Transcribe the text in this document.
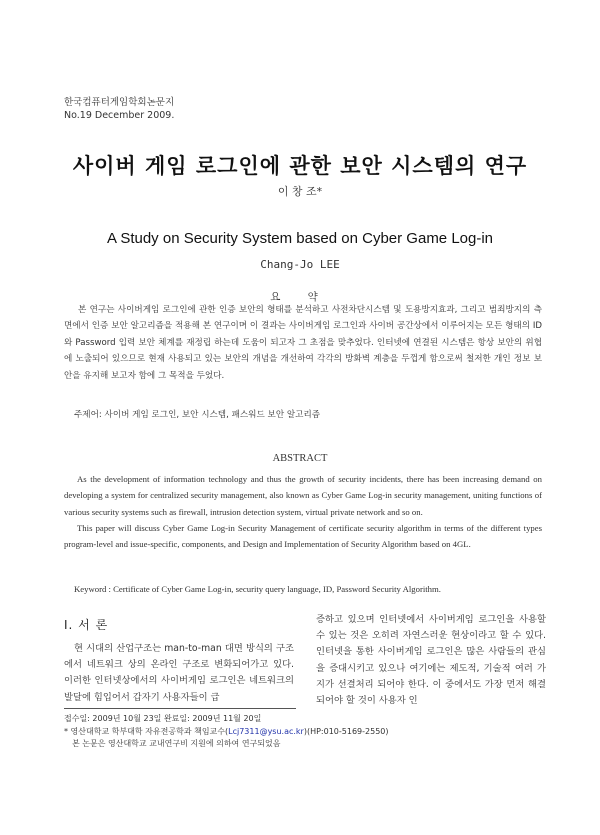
한국컴퓨터게임학회논문지
No.19 December 2009.
사이버 게임 로그인에 관한 보안 시스템의 연구
이 창 조*
A Study on Security System based on Cyber Game Log-in
Chang-Jo LEE
요 약
본 연구는 사이버게임 로그인에 관한 인증 보안의 형태를 분석하고 사전차단시스템 및 도용방지효과, 그리고 범죄방지의 측면에서 인증 보안 알고리즘을 적용해 본 연구이며 이 결과는 사이버게임 로그인과 사이버 공간상에서 이루어지는 모든 형태의 ID와 Password 입력 보안 체계를 재정립 하는데 도움이 되고자 그 초점을 맞추었다. 인터넷에 연결된 시스템은 항상 보안의 위협에 노출되어 있으므로 현재 사용되고 있는 보안의 개념을 개선하여 각각의 방화벽 계층을 두껍게 함으로써 철저한 개인 정보 보안을 유지해 보고자 함에 그 목적을 두었다.
주제어: 사이버 게임 로그인, 보안 시스템, 패스워드 보안 알고리즘
ABSTRACT

As the development of information technology and thus the growth of security incidents, there has been increasing demand on developing a system for centralized security management, also known as Cyber Game Log-in security management, uniting functions of various security systems such as firewall, intrusion detection system, virtual private network and so on.

This paper will discuss Cyber Game Log-in Security Management of certificate security algorithm in terms of the different types program-level and issue-specific, components, and Design and Implementation of Security Algorithm based on 4GL.

Keyword : Certificate of Cyber Game Log-in, security query language, ID, Password Security Algorithm.
Ⅰ. 서 론
현 시대의 산업구조는 man-to-man 대면 방식의 구조에서 네트워크 상의 온라인 구조로 변화되어가고 있다. 이러한 인터넷상에서의 사이버게임 로그인은 네트워크의 발달에 힘입어서 갑자기 사용자들이 급
증하고 있으며 인터넷에서 사이버게임 로그인을 사용할 수 있는 것은 오히려 자연스러운 현상이라고 할 수 있다. 인터넷을 통한 사이버게임 로그인은 많은 사람들의 관심을 증대시키고 있으나 여기에는 제도적, 기술적 여러 가지가 선결처리 되어야 한다. 이 중에서도 가장 먼저 해결되어야 할 것이 사용자 인
접수일: 2009년 10월 23일 완료일: 2009년 11월 20일
* 영산대학교 학부대학 자유전공학과 책임교수(Lcj7311@ysu.ac.kr)(HP:010-5169-2550)
본 논문은 영산대학교 교내연구비 지원에 의하여 연구되었음
